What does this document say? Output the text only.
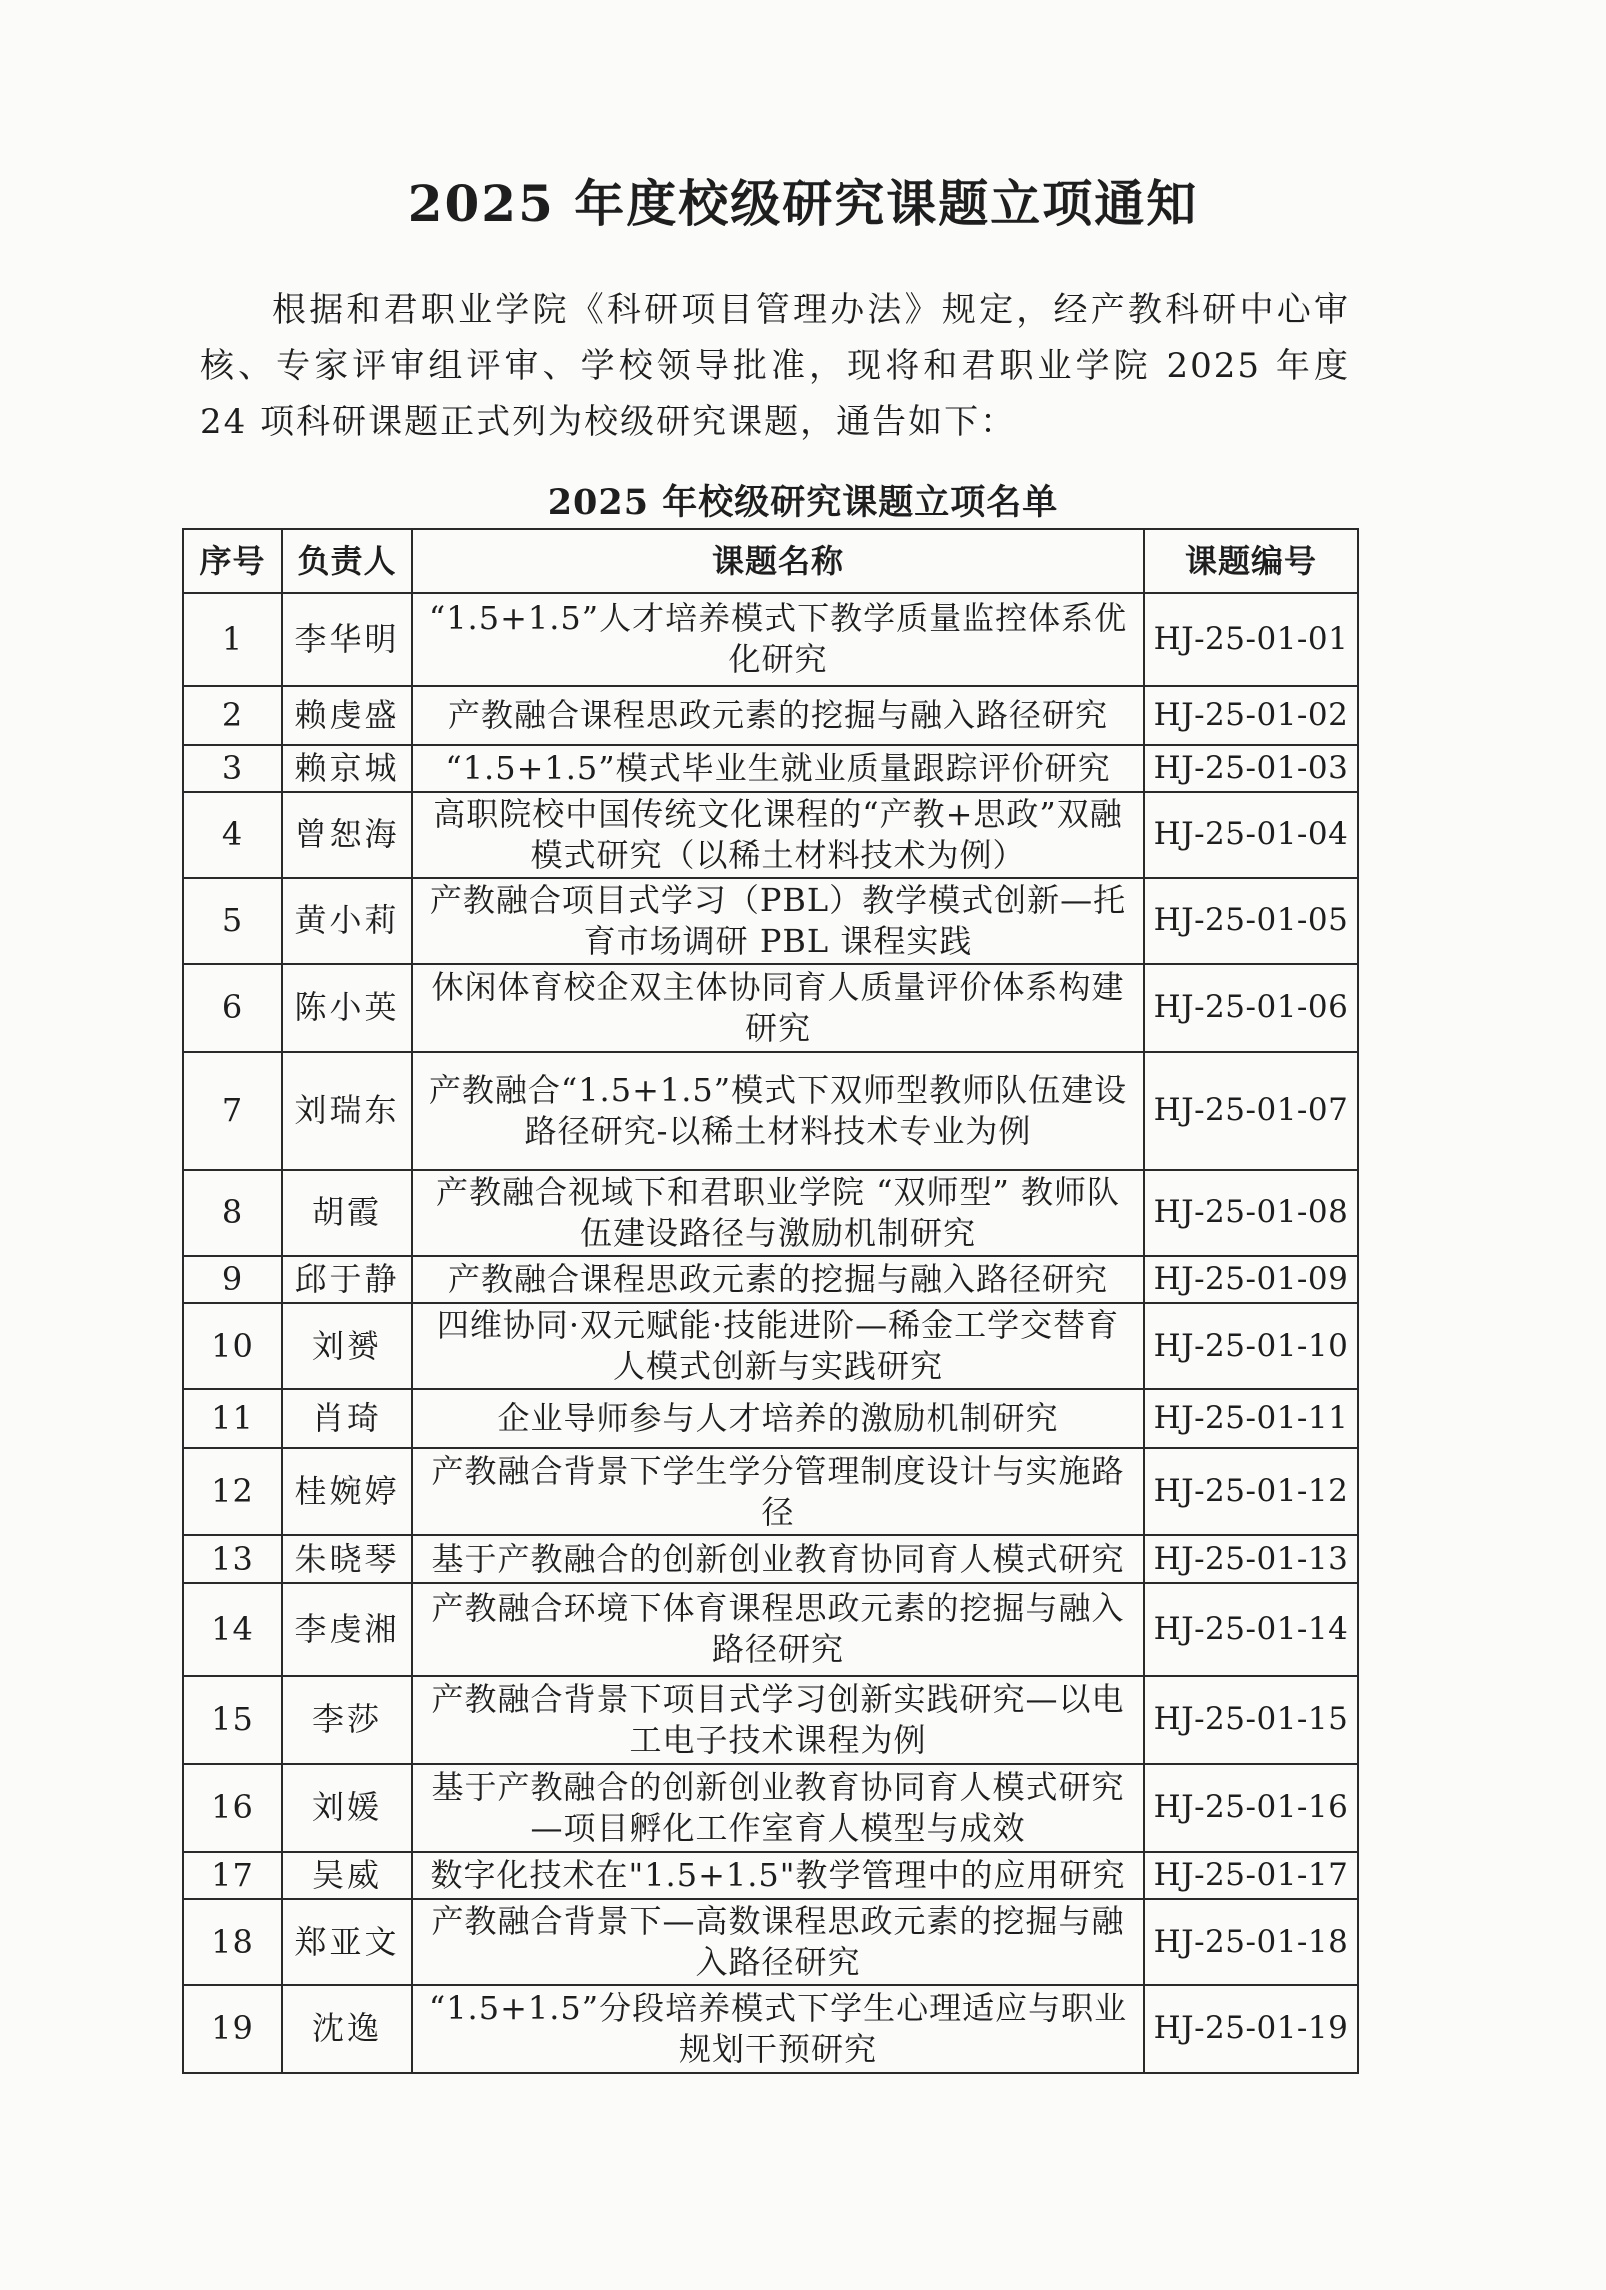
2025 年度校级研究课题立项通知
根据和君职业学院《科研项目管理办法》规定，经产教科研中心审核、专家评审组评审、学校领导批准，现将和君职业学院 2025 年度 24 项科研课题正式列为校级研究课题，通告如下：
2025 年校级研究课题立项名单
序号	负责人	课题名称	课题编号
1	李华明	“1.5+1.5”人才培养模式下教学质量监控体系优化研究	HJ-25-01-01
2	赖虔盛	产教融合课程思政元素的挖掘与融入路径研究	HJ-25-01-02
3	赖京城	“1.5+1.5”模式毕业生就业质量跟踪评价研究	HJ-25-01-03
4	曾恕海	高职院校中国传统文化课程的“产教+思政”双融模式研究（以稀土材料技术为例）	HJ-25-01-04
5	黄小莉	产教融合项目式学习（PBL）教学模式创新—托育市场调研 PBL 课程实践	HJ-25-01-05
6	陈小英	休闲体育校企双主体协同育人质量评价体系构建研究	HJ-25-01-06
7	刘瑞东	产教融合“1.5+1.5”模式下双师型教师队伍建设路径研究-以稀土材料技术专业为例	HJ-25-01-07
8	胡霞	产教融合视域下和君职业学院 “双师型” 教师队伍建设路径与激励机制研究	HJ-25-01-08
9	邱于静	产教融合课程思政元素的挖掘与融入路径研究	HJ-25-01-09
10	刘赟	四维协同·双元赋能·技能进阶—稀金工学交替育人模式创新与实践研究	HJ-25-01-10
11	肖琦	企业导师参与人才培养的激励机制研究	HJ-25-01-11
12	桂婉婷	产教融合背景下学生学分管理制度设计与实施路径	HJ-25-01-12
13	朱晓琴	基于产教融合的创新创业教育协同育人模式研究	HJ-25-01-13
14	李虔湘	产教融合环境下体育课程思政元素的挖掘与融入路径研究	HJ-25-01-14
15	李莎	产教融合背景下项目式学习创新实践研究—以电工电子技术课程为例	HJ-25-01-15
16	刘媛	基于产教融合的创新创业教育协同育人模式研究—项目孵化工作室育人模型与成效	HJ-25-01-16
17	吴威	数字化技术在"1.5+1.5"教学管理中的应用研究	HJ-25-01-17
18	郑亚文	产教融合背景下—高数课程思政元素的挖掘与融入路径研究	HJ-25-01-18
19	沈逸	“1.5+1.5”分段培养模式下学生心理适应与职业规划干预研究	HJ-25-01-19
